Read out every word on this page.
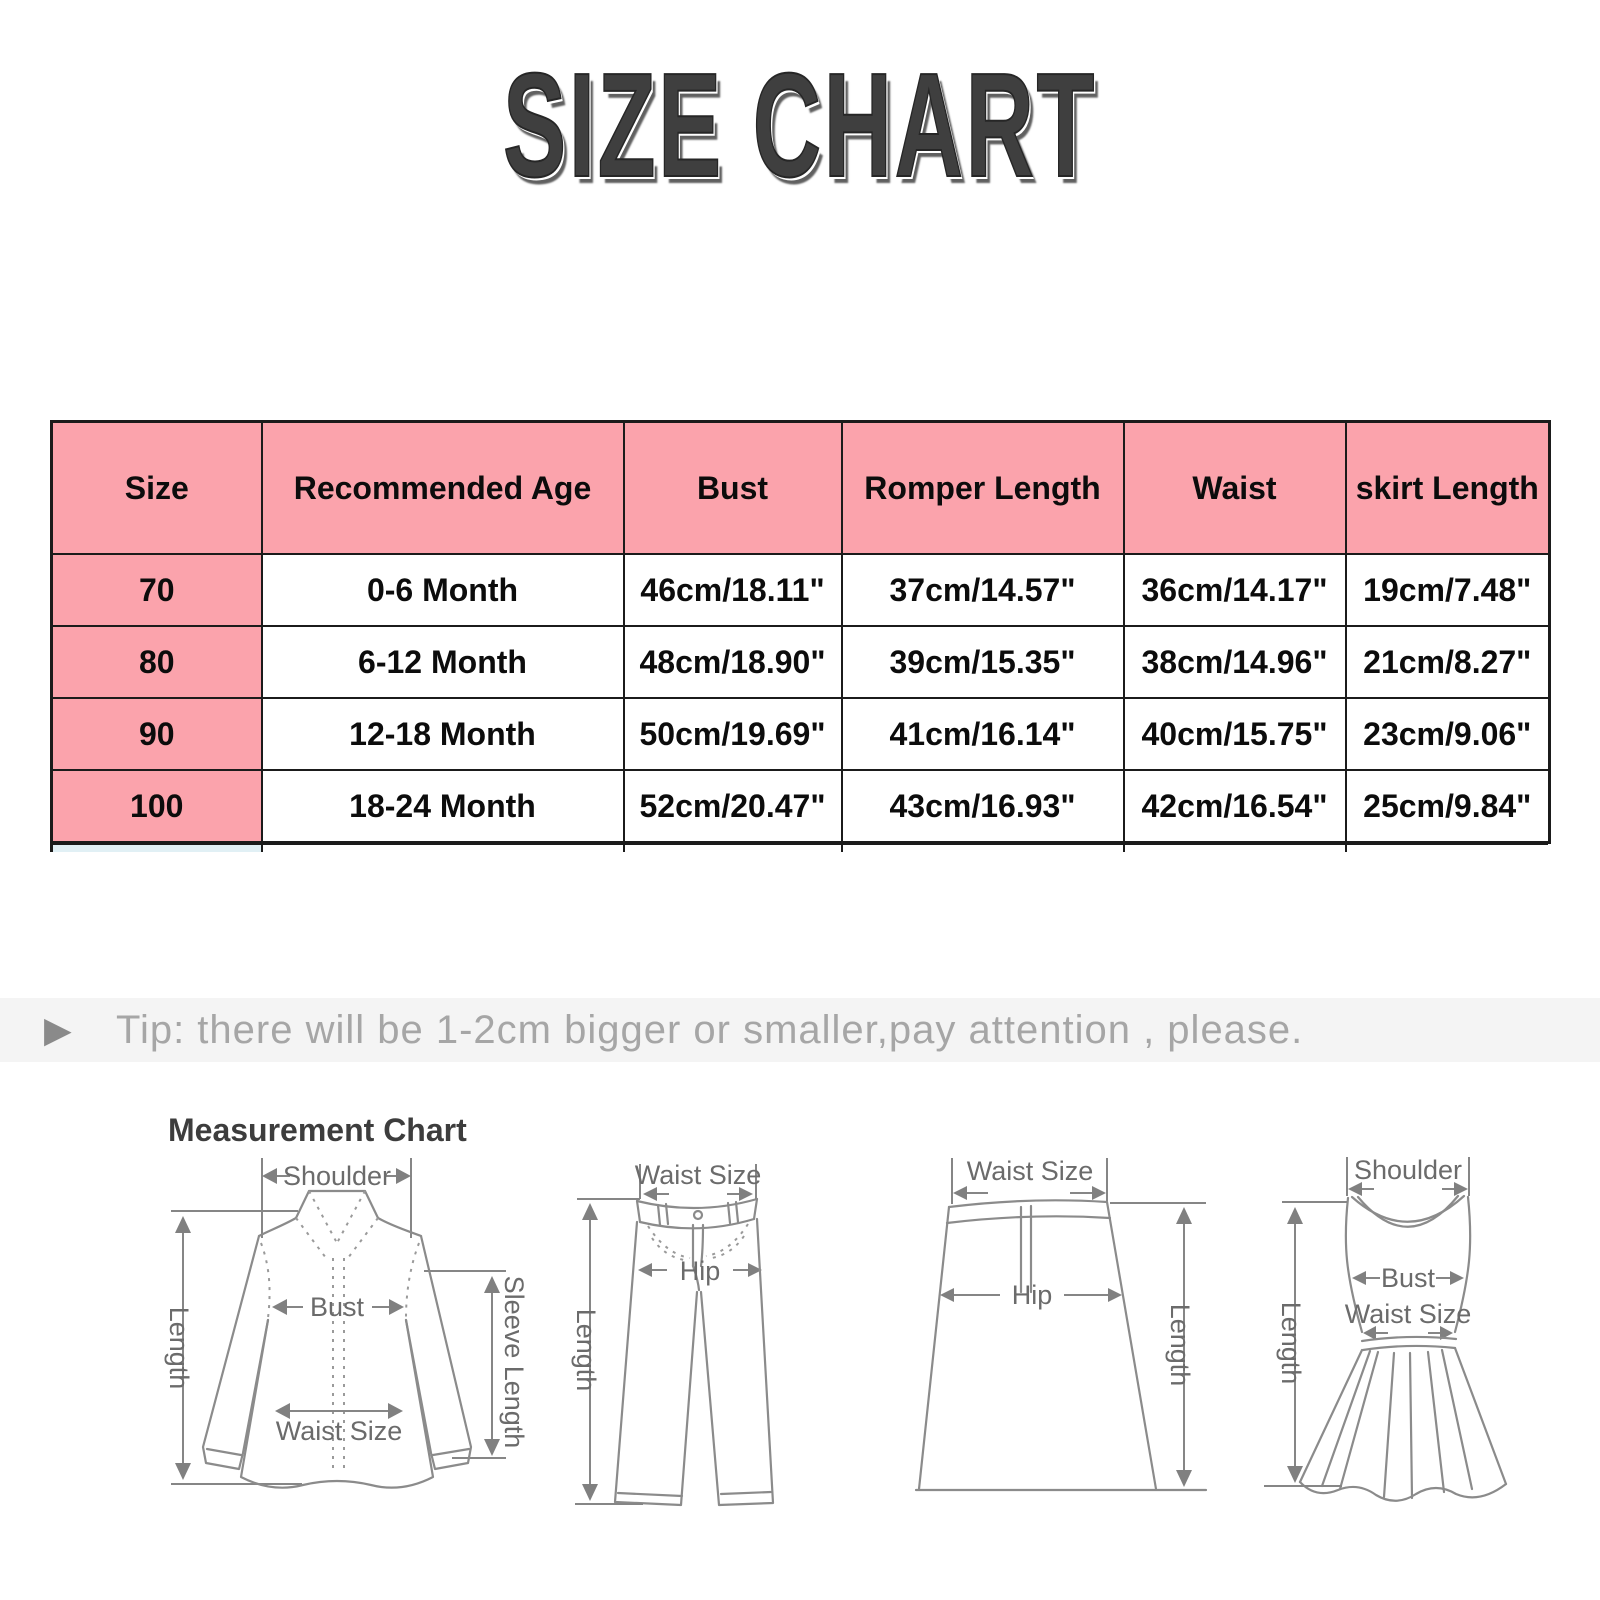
SIZE CHART
Size	Recommended Age	Bust	Romper Length	Waist	skirt Length
70	0-6 Month	46cm/18.11"	37cm/14.57"	36cm/14.17"	19cm/7.48"
80	6-12 Month	48cm/18.90"	39cm/15.35"	38cm/14.96"	21cm/8.27"
90	12-18 Month	50cm/19.69"	41cm/16.14"	40cm/15.75"	23cm/9.06"
100	18-24 Month	52cm/20.47"	43cm/16.93"	42cm/16.54"	25cm/9.84"

▶ Tip: there will be 1-2cm bigger or smaller,pay attention , please.
Measurement Chart
Shoulder
Length	Sleeve Length
Bust
Waist Size
Waist Size
Hip
Length
Waist Size
Hip
Length
Shoulder
Bust
Waist Size
Length
